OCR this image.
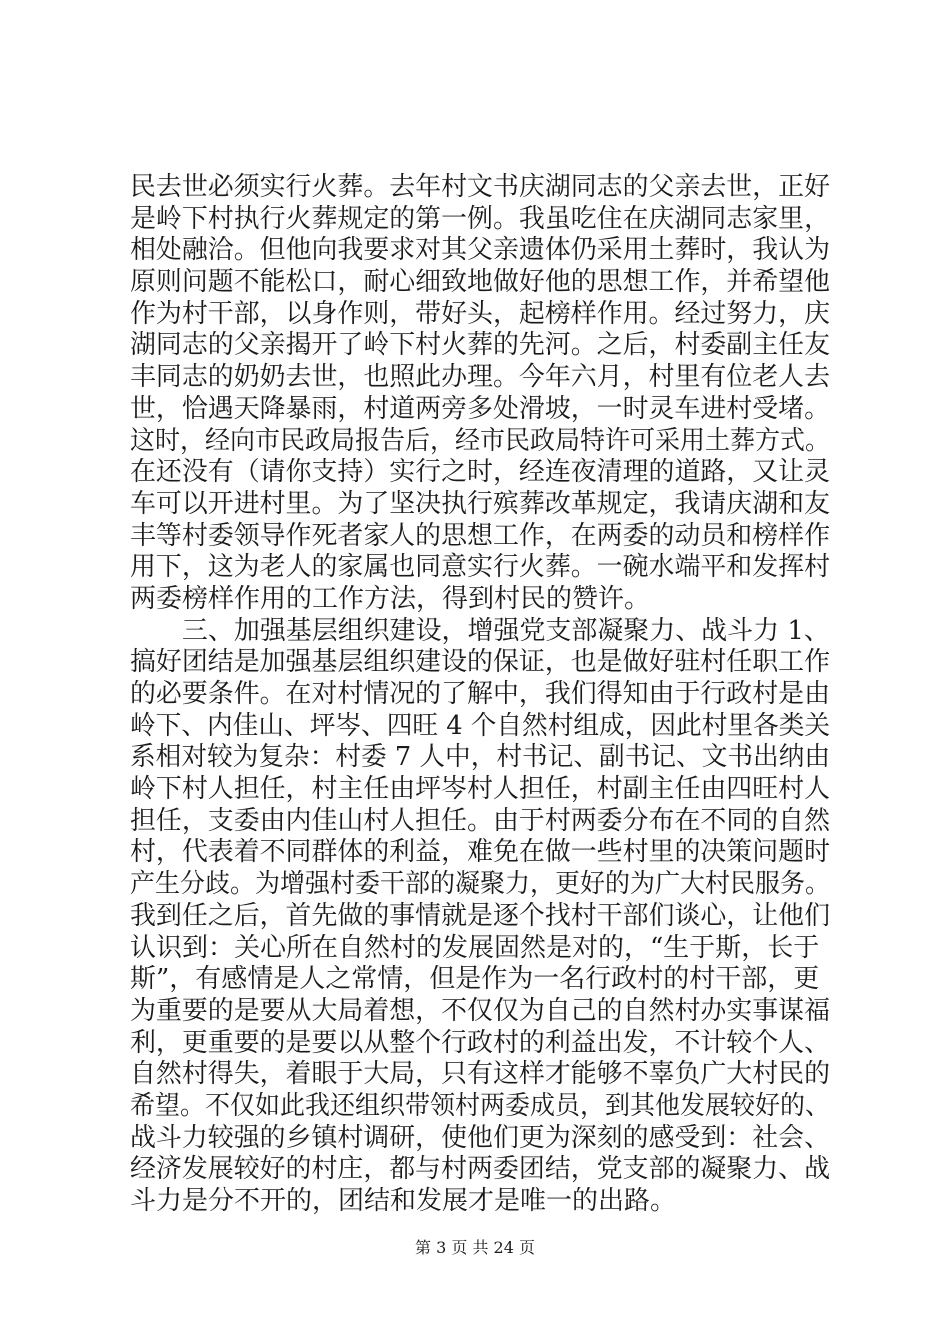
民去世必须实行火葬。去年村文书庆湖同志的父亲去世，正好
是岭下村执行火葬规定的第一例。我虽吃住在庆湖同志家里，
相处融洽。但他向我要求对其父亲遗体仍采用土葬时，我认为
原则问题不能松口，耐心细致地做好他的思想工作，并希望他
作为村干部，以身作则，带好头，起榜样作用。经过努力，庆
湖同志的父亲揭开了岭下村火葬的先河。之后，村委副主任友
丰同志的奶奶去世，也照此办理。今年六月，村里有位老人去
世，恰遇天降暴雨，村道两旁多处滑坡，一时灵车进村受堵。
这时，经向市民政局报告后，经市民政局特许可采用土葬方式。
在还没有（请你支持）实行之时，经连夜清理的道路，又让灵
车可以开进村里。为了坚决执行殡葬改革规定，我请庆湖和友
丰等村委领导作死者家人的思想工作，在两委的动员和榜样作
用下，这为老人的家属也同意实行火葬。一碗水端平和发挥村
两委榜样作用的工作方法，得到村民的赞许。
　　三、加强基层组织建设，增强党支部凝聚力、战斗力 1、
搞好团结是加强基层组织建设的保证，也是做好驻村任职工作
的必要条件。在对村情况的了解中，我们得知由于行政村是由
岭下、内佳山、坪岑、四旺 4 个自然村组成，因此村里各类关
系相对较为复杂：村委 7 人中，村书记、副书记、文书出纳由
岭下村人担任，村主任由坪岑村人担任，村副主任由四旺村人
担任，支委由内佳山村人担任。由于村两委分布在不同的自然
村，代表着不同群体的利益，难免在做一些村里的决策问题时
产生分歧。为增强村委干部的凝聚力，更好的为广大村民服务。
我到任之后，首先做的事情就是逐个找村干部们谈心，让他们
认识到：关心所在自然村的发展固然是对的，“生于斯，长于
斯”，有感情是人之常情，但是作为一名行政村的村干部，更
为重要的是要从大局着想，不仅仅为自己的自然村办实事谋福
利，更重要的是要以从整个行政村的利益出发，不计较个人、
自然村得失，着眼于大局，只有这样才能够不辜负广大村民的
希望。不仅如此我还组织带领村两委成员，到其他发展较好的、
战斗力较强的乡镇村调研，使他们更为深刻的感受到：社会、
经济发展较好的村庄，都与村两委团结，党支部的凝聚力、战
斗力是分不开的，团结和发展才是唯一的出路。
第 3 页 共 24 页
